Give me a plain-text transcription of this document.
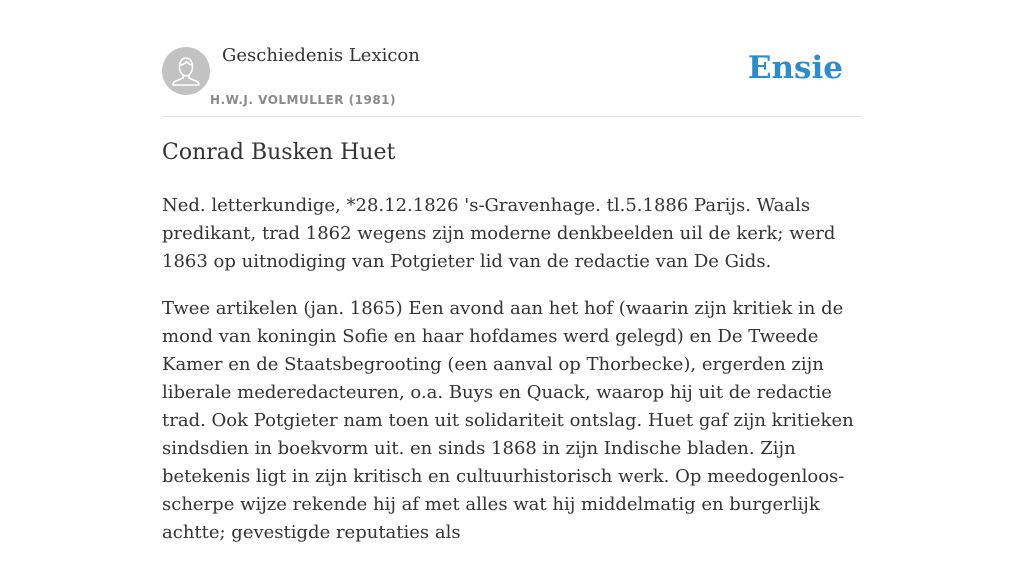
Geschiedenis Lexicon
H.W.J. VOLMULLER (1981)
Ensie
Conrad Busken Huet

Ned. letterkundige, *28.12.1826 's-Gravenhage. tl.5.1886 Parijs. Waals predikant, trad 1862 wegens zijn moderne denkbeelden uil de kerk; werd 1863 op uitnodiging van Potgieter lid van de redactie van De Gids.

Twee artikelen (jan. 1865) Een avond aan het hof (waarin zijn kritiek in de mond van koningin Sofie en haar hofdames werd gelegd) en De Tweede Kamer en de Staatsbegrooting (een aanval op Thorbecke), ergerden zijn liberale mederedacteuren, o.a. Buys en Quack, waarop hij uit de redactie trad. Ook Potgieter nam toen uit solidariteit ontslag. Huet gaf zijn kritieken sindsdien in boekvorm uit. en sinds 1868 in zijn Indische bladen. Zijn betekenis ligt in zijn kritisch en cultuurhistorisch werk. Op meedogenloos-scherpe wijze rekende hij af met alles wat hij middelmatig en burgerlijk achtte; gevestigde reputaties als
